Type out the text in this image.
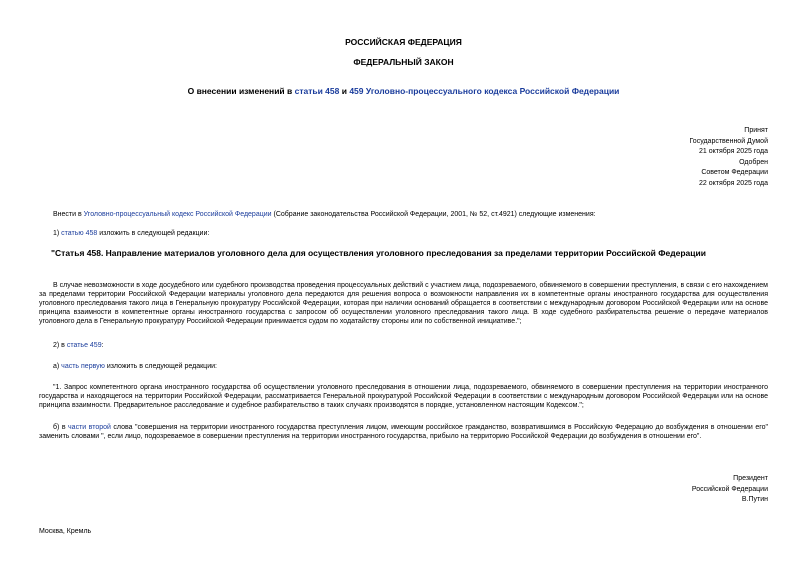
РОССИЙСКАЯ ФЕДЕРАЦИЯ
ФЕДЕРАЛЬНЫЙ ЗАКОН
О внесении изменений в статьи 458 и 459 Уголовно-процессуального кодекса Российской Федерации
Принят
Государственной Думой
21 октября 2025 года
Одобрен
Советом Федерации
22 октября 2025 года
Внести в Уголовно-процессуальный кодекс Российской Федерации (Собрание законодательства Российской Федерации, 2001, № 52, ст.4921) следующие изменения:
1) статью 458 изложить в следующей редакции:
"Статья 458. Направление материалов уголовного дела для осуществления уголовного преследования за пределами территории Российской Федерации
В случае невозможности в ходе досудебного или судебного производства проведения процессуальных действий с участием лица, подозреваемого, обвиняемого в совершении преступления, в связи с его нахождением за пределами территории Российской Федерации материалы уголовного дела передаются для решения вопроса о возможности направления их в компетентные органы иностранного государства для осуществления уголовного преследования такого лица в Генеральную прокуратуру Российской Федерации, которая при наличии оснований обращается в соответствии с международным договором Российской Федерации или на основе принципа взаимности в компетентные органы иностранного государства с запросом об осуществлении уголовного преследования такого лица. В ходе судебного разбирательства решение о передаче материалов уголовного дела в Генеральную прокуратуру Российской Федерации принимается судом по ходатайству стороны или по собственной инициативе.";
2) в статье 459:
а) часть первую изложить в следующей редакции:
"1. Запрос компетентного органа иностранного государства об осуществлении уголовного преследования в отношении лица, подозреваемого, обвиняемого в совершении преступления на территории иностранного государства и находящегося на территории Российской Федерации, рассматривается Генеральной прокуратурой Российской Федерации в соответствии с международным договором Российской Федерации или на основе принципа взаимности. Предварительное расследование и судебное разбирательство в таких случаях производятся в порядке, установленном настоящим Кодексом.";
б) в части второй слова "совершения на территории иностранного государства преступления лицом, имеющим российское гражданство, возвратившимся в Российскую Федерацию до возбуждения в отношении его" заменить словами ", если лицо, подозреваемое в совершении преступления на территории иностранного государства, прибыло на территорию Российской Федерации до возбуждения в отношении его".
Президент
Российской Федерации
В.Путин
Москва, Кремль
